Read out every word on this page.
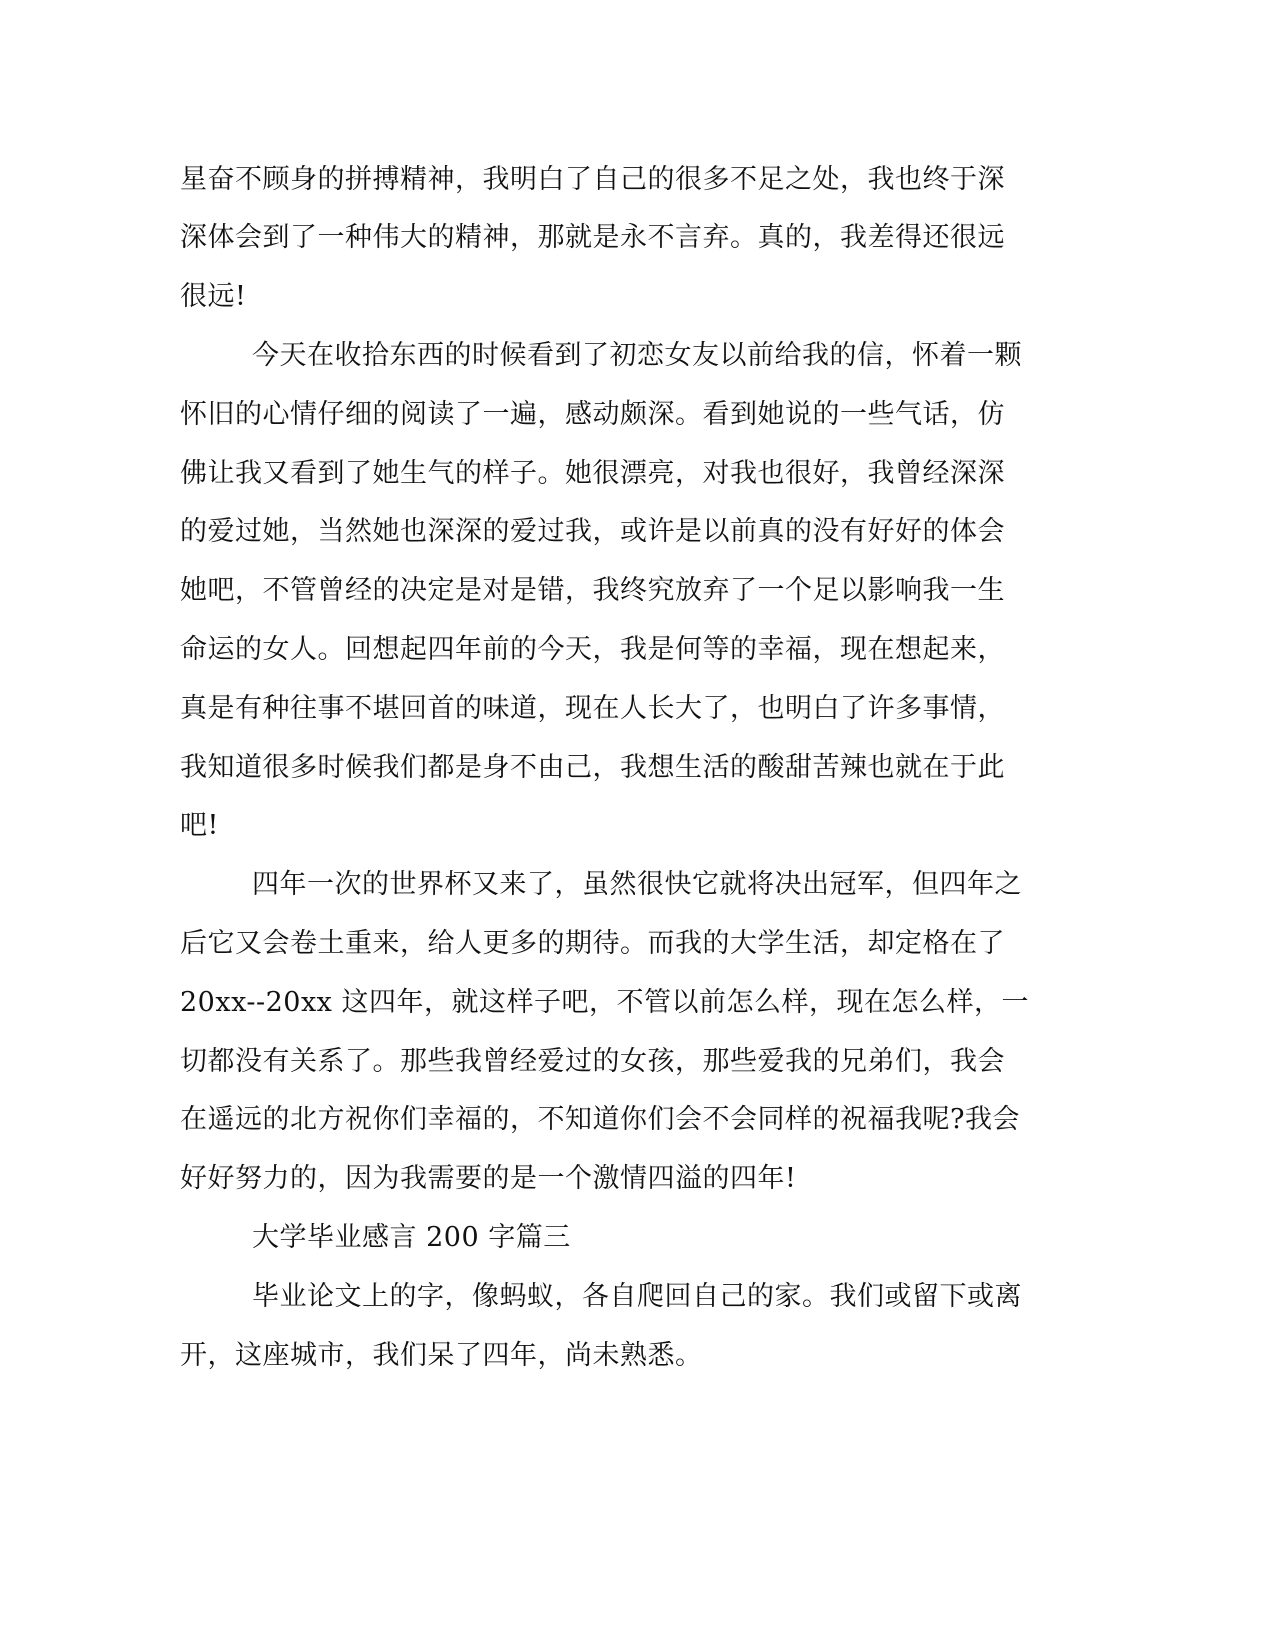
星奋不顾身的拼搏精神，我明白了自己的很多不足之处，我也终于深
深体会到了一种伟大的精神，那就是永不言弃。真的，我差得还很远
很远!
今天在收拾东西的时候看到了初恋女友以前给我的信，怀着一颗
怀旧的心情仔细的阅读了一遍，感动颇深。看到她说的一些气话，仿
佛让我又看到了她生气的样子。她很漂亮，对我也很好，我曾经深深
的爱过她，当然她也深深的爱过我，或许是以前真的没有好好的体会
她吧，不管曾经的决定是对是错，我终究放弃了一个足以影响我一生
命运的女人。回想起四年前的今天，我是何等的幸福，现在想起来，
真是有种往事不堪回首的味道，现在人长大了，也明白了许多事情，
我知道很多时候我们都是身不由己，我想生活的酸甜苦辣也就在于此
吧!
四年一次的世界杯又来了，虽然很快它就将决出冠军，但四年之
后它又会卷土重来，给人更多的期待。而我的大学生活，却定格在了
20xx--20xx 这四年，就这样子吧，不管以前怎么样，现在怎么样，一
切都没有关系了。那些我曾经爱过的女孩，那些爱我的兄弟们，我会
在遥远的北方祝你们幸福的，不知道你们会不会同样的祝福我呢?我会
好好努力的，因为我需要的是一个激情四溢的四年!
大学毕业感言 200 字篇三
毕业论文上的字，像蚂蚁，各自爬回自己的家。我们或留下或离
开，这座城市，我们呆了四年，尚未熟悉。
